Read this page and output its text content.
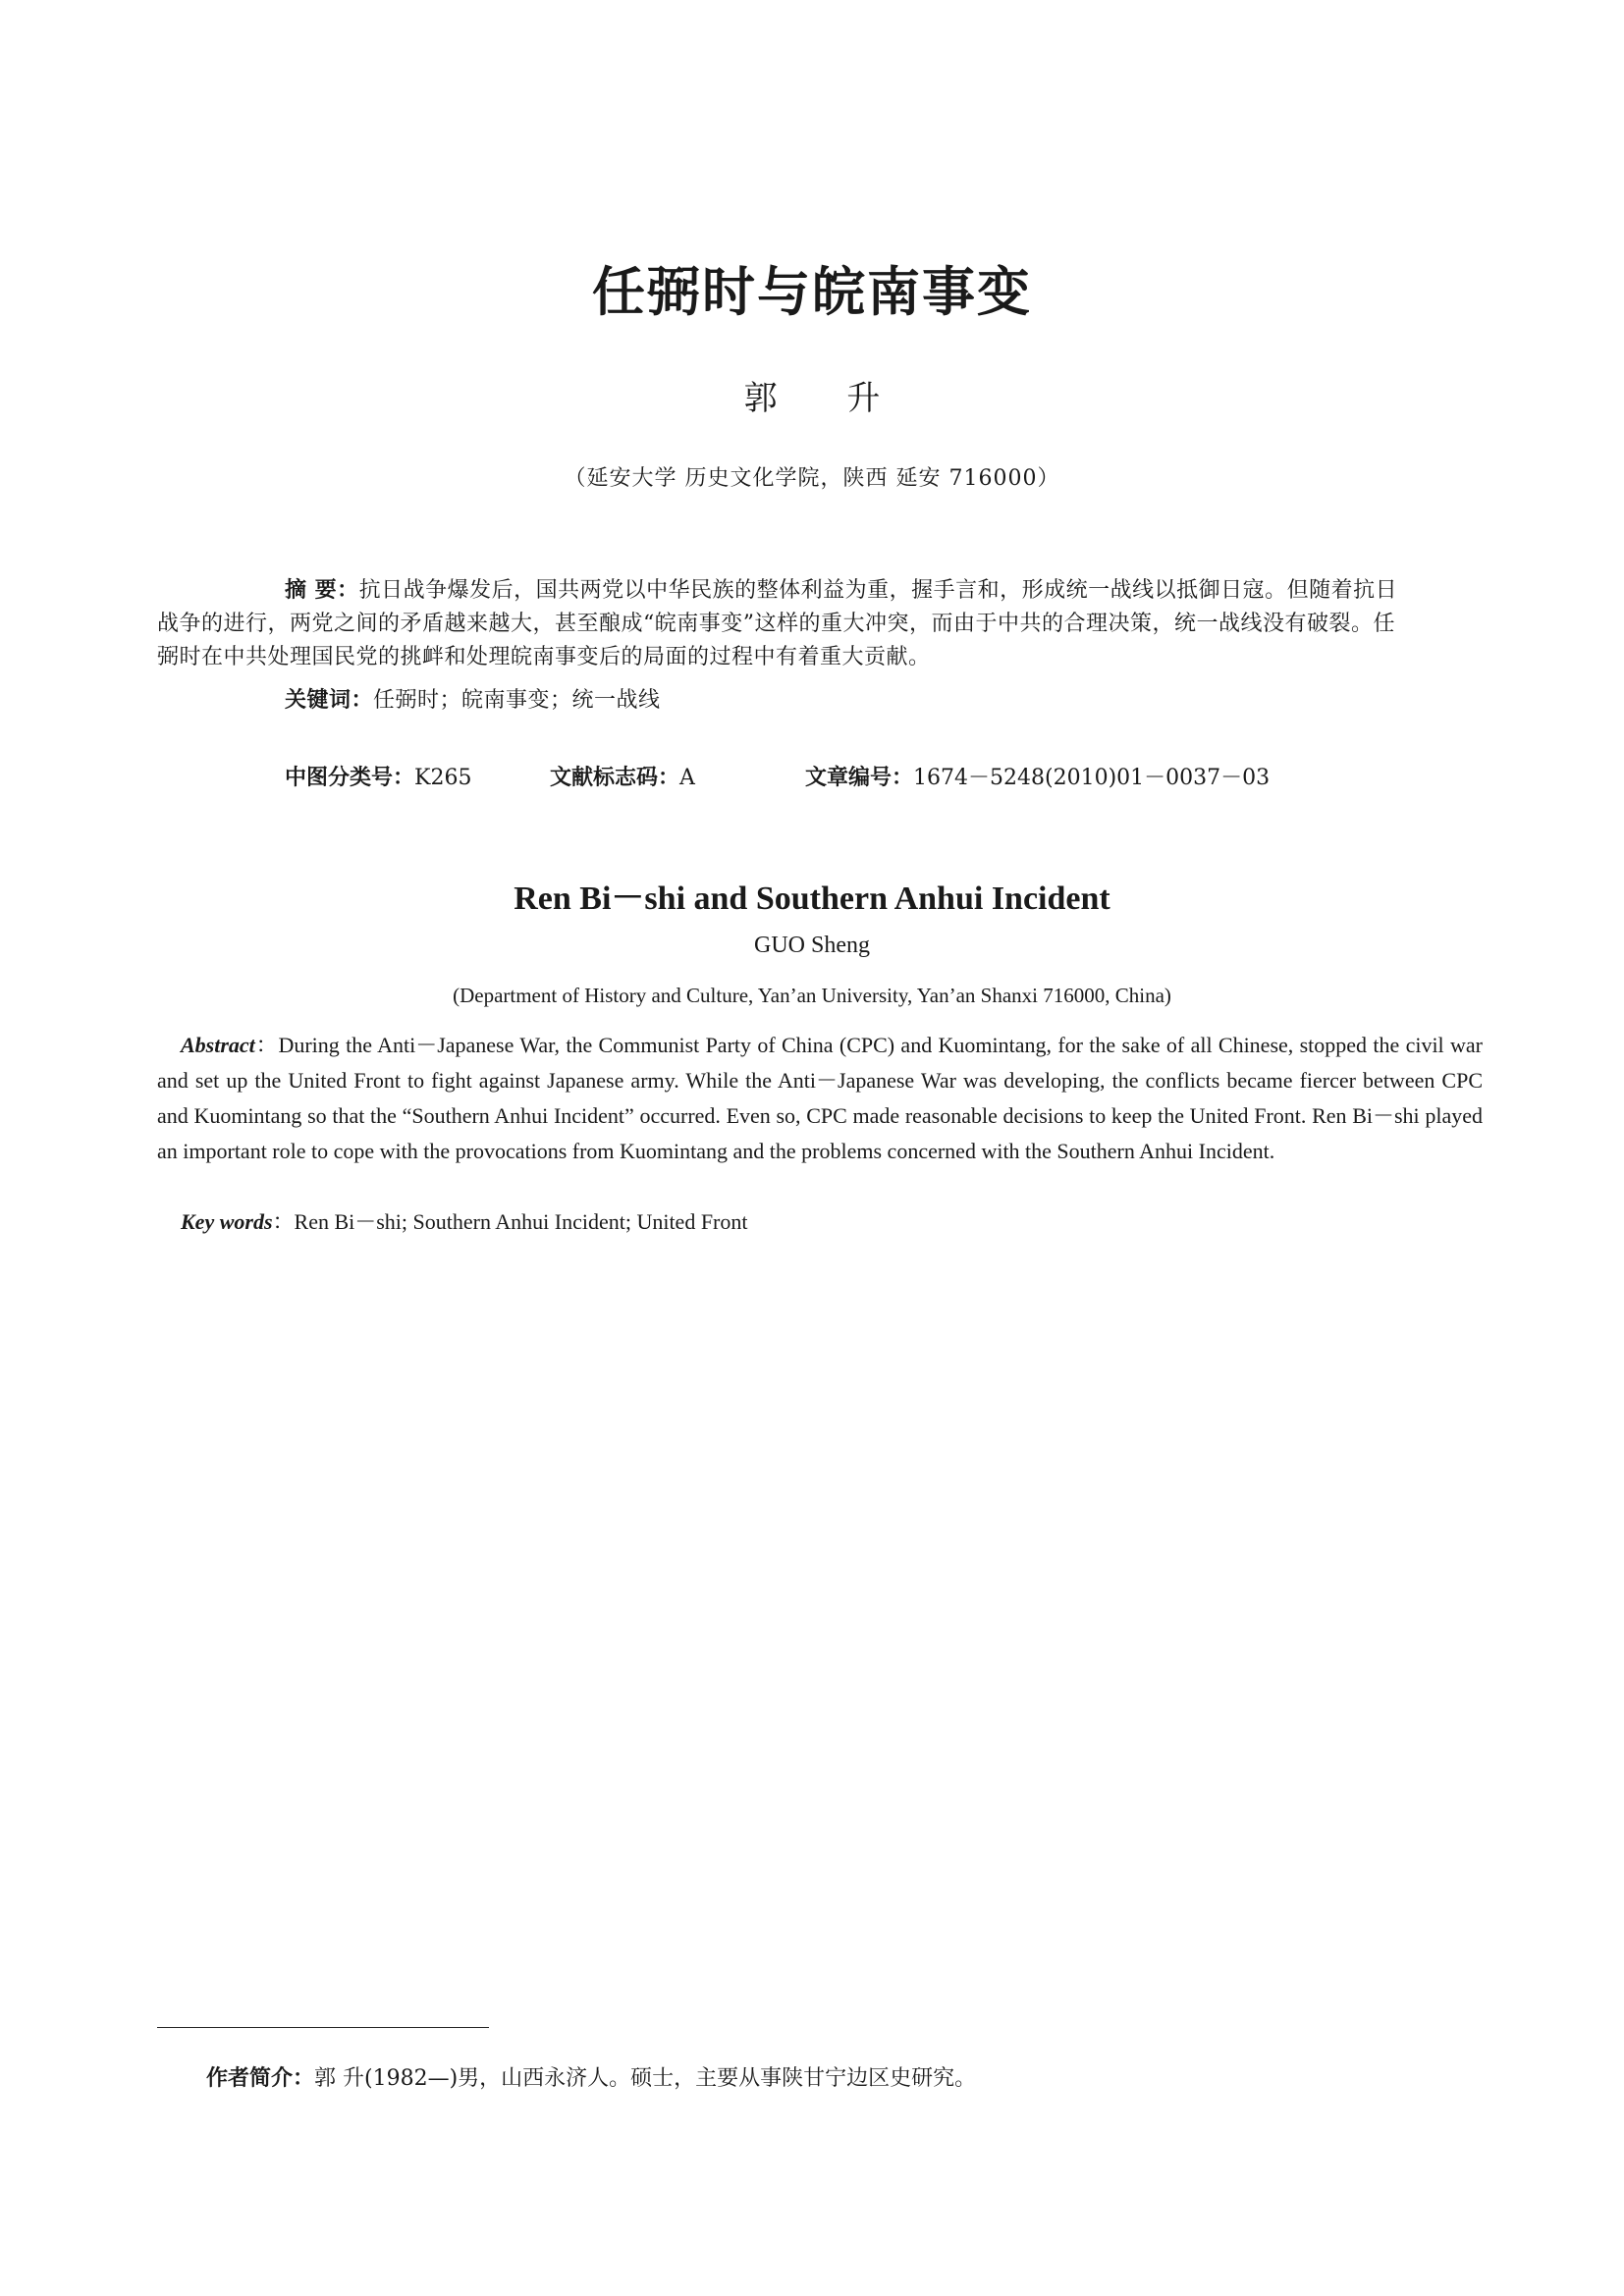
任弼时与皖南事变
郭 升
（延安大学 历史文化学院，陕西 延安 716000）
摘 要：抗日战争爆发后，国共两党以中华民族的整体利益为重，握手言和，形成统一战线以抵御日寇。但随着抗日战争的进行，两党之间的矛盾越来越大，甚至酿成“皖南事变”这样的重大冲突，而由于中共的合理决策，统一战线没有破裂。任弼时在中共处理国民党的挑衅和处理皖南事变后的局面的过程中有着重大贡献。
关键词：任弼时；皖南事变；统一战线
中图分类号：K265	文献标志码：A	文章编号：1674－5248(2010)01－0037－03
Ren Bi－shi and Southern Anhui Incident
GUO Sheng
(Department of History and Culture, Yan’an University, Yan’an Shanxi 716000, China)
Abstract：During the Anti－Japanese War, the Communist Party of China (CPC) and Kuomintang, for the sake of all Chinese, stopped the civil war and set up the United Front to fight against Japanese army. While the Anti－Japanese War was developing, the conflicts became fiercer between CPC and Kuomintang so that the “Southern Anhui Incident” occurred. Even so, CPC made reasonable decisions to keep the United Front. Ren Bi－shi played an important role to cope with the provocations from Kuomintang and the problems concerned with the Southern Anhui Incident.
Key words：Ren Bi－shi; Southern Anhui Incident; United Front
作者简介：郭 升(1982—)男，山西永济人。硕士，主要从事陕甘宁边区史研究。
